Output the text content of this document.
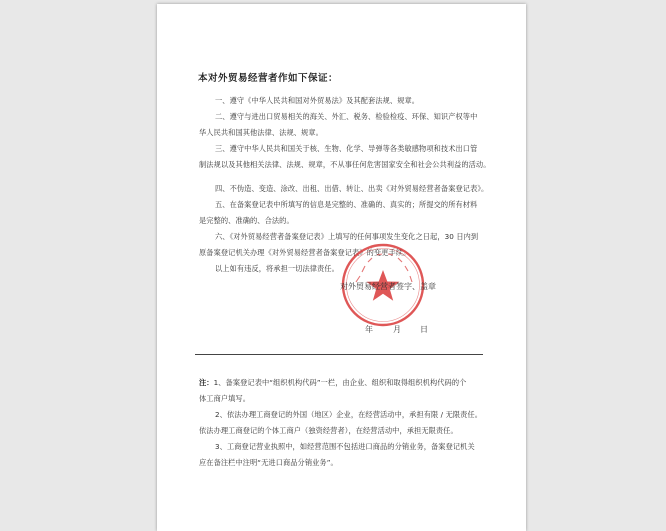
本对外贸易经营者作如下保证：
一、遵守《中华人民共和国对外贸易法》及其配套法规、规章。
二、遵守与进出口贸易相关的海关、外汇、税务、检验检疫、环保、知识产权等中
华人民共和国其他法律、法规、规章。
三、遵守中华人民共和国关于核、生物、化学、导弹等各类敏感物项和技术出口管
制法规以及其他相关法律、法规、规章，不从事任何危害国家安全和社会公共利益的活动。
四、不伪造、变造、涂改、出租、出借、转让、出卖《对外贸易经营者备案登记表》。
五、在备案登记表中所填写的信息是完整的、准确的、真实的；所提交的所有材料
是完整的、准确的、合法的。
六、《对外贸易经营者备案登记表》上填写的任何事项发生变化之日起，30 日内到
原备案登记机关办理《对外贸易经营者备案登记表》的变更手续。
以上如有违反，将承担一切法律责任。
对外贸易经营者签字、盖章
年	月 日
注：1、备案登记表中“组织机构代码”一栏，由企业、组织和取得组织机构代码的个
体工商户填写。
2、依法办理工商登记的外国（地区）企业，在经营活动中，承担有限 / 无限责任。
依法办理工商登记的个体工商户（独资经营者），在经营活动中，承担无限责任。
3、工商登记营业执照中，如经营范围不包括进口商品的分销业务，备案登记机关
应在备注栏中注明“无进口商品分销业务”。
